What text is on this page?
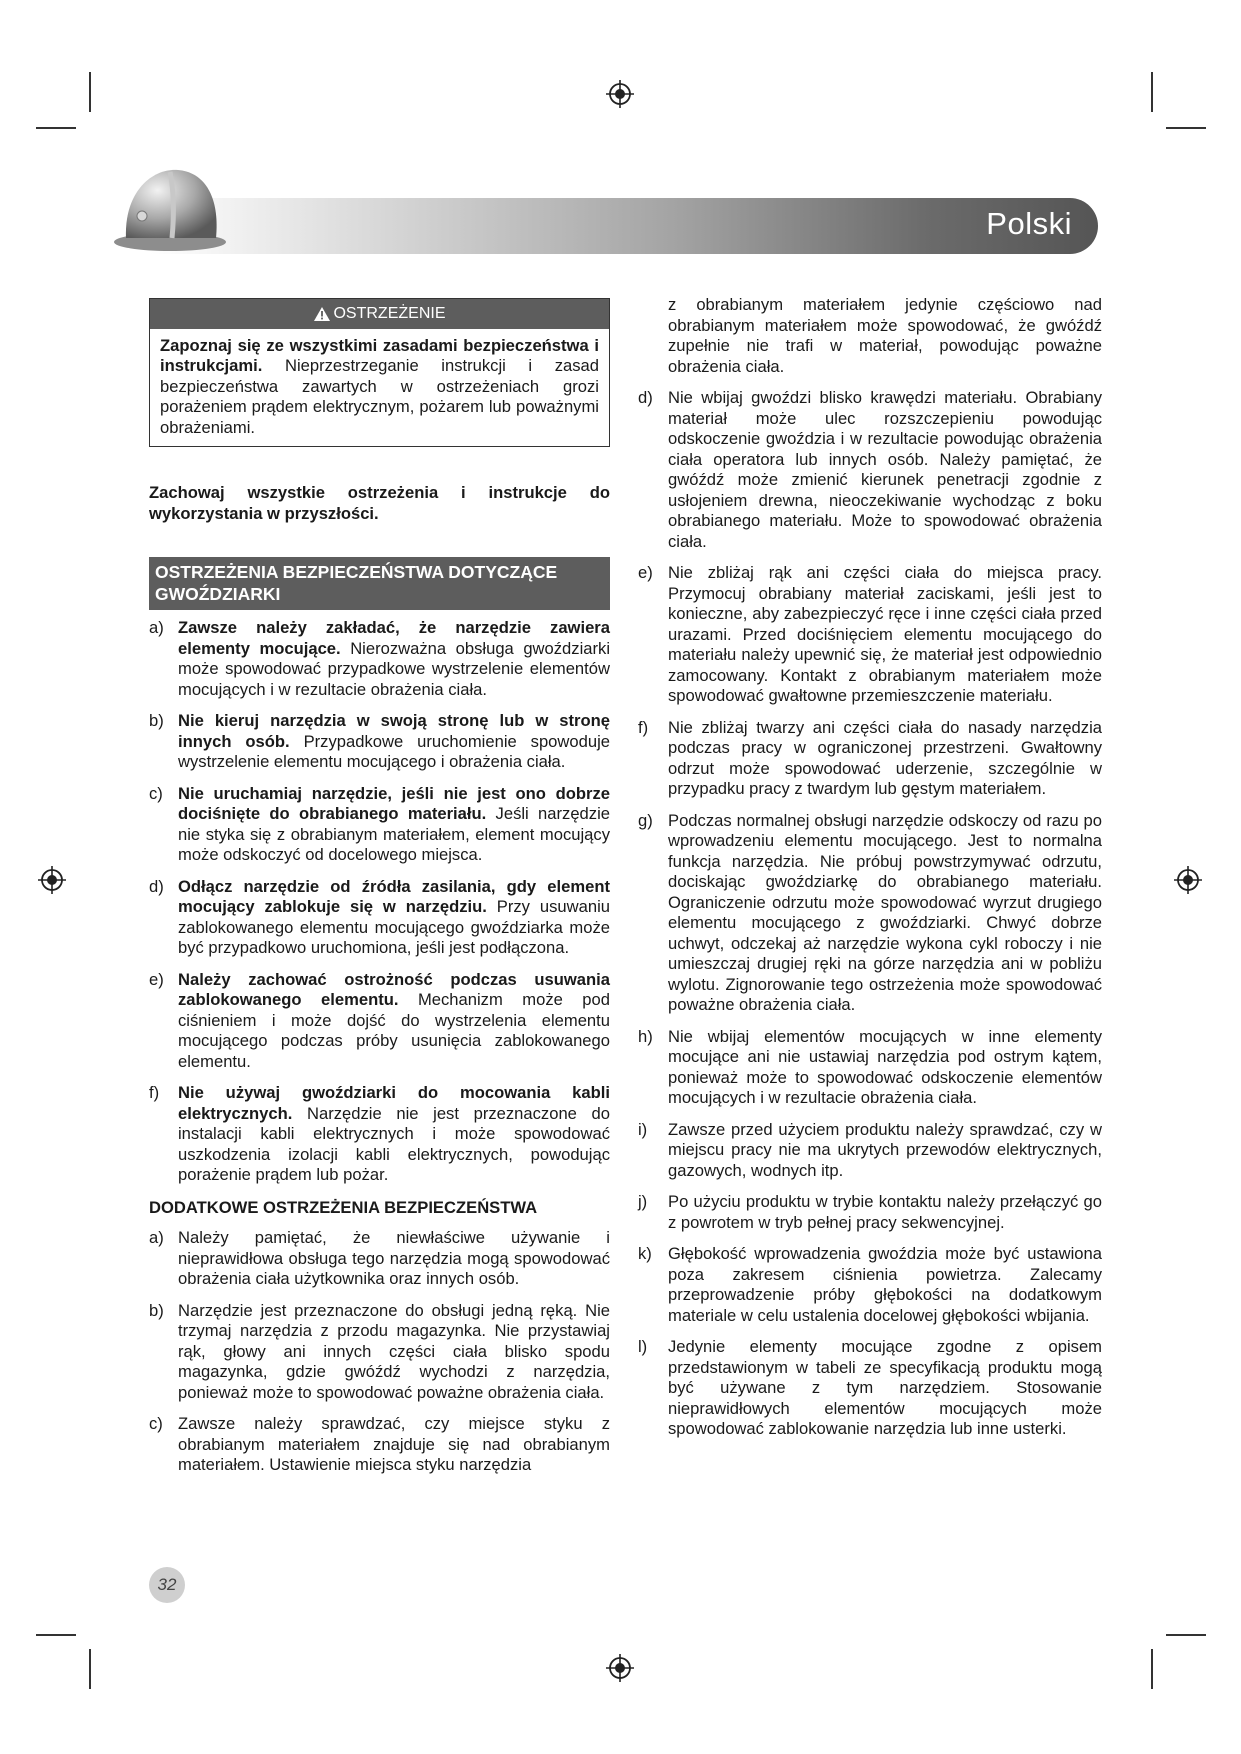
Polski
OSTRZEŻENIE
Zapoznaj się ze wszystkimi zasadami bezpieczeństwa i instrukcjami. Nieprzestrzeganie instrukcji i zasad bezpieczeństwa zawartych w ostrzeżeniach grozi porażeniem prądem elektrycznym, pożarem lub poważnymi obrażeniami.

Zachowaj wszystkie ostrzeżenia i instrukcje do wykorzystania w przyszłości.

OSTRZEŻENIA BEZPIECZEŃSTWA DOTYCZĄCE GWOŹDZIARKI
a) Zawsze należy zakładać, że narzędzie zawiera elementy mocujące. Nierozważna obsługa gwoździarki może spowodować przypadkowe wystrzelenie elementów mocujących i w rezultacie obrażenia ciała.
b) Nie kieruj narzędzia w swoją stronę lub w stronę innych osób. Przypadkowe uruchomienie spowoduje wystrzelenie elementu mocującego i obrażenia ciała.
c) Nie uruchamiaj narzędzie, jeśli nie jest ono dobrze dociśnięte do obrabianego materiału. Jeśli narzędzie nie styka się z obrabianym materiałem, element mocujący może odskoczyć od docelowego miejsca.
d) Odłącz narzędzie od źródła zasilania, gdy element mocujący zablokuje się w narzędziu. Przy usuwaniu zablokowanego elementu mocującego gwoździarka może być przypadkowo uruchomiona, jeśli jest podłączona.
e) Należy zachować ostrożność podczas usuwania zablokowanego elementu. Mechanizm może pod ciśnieniem i może dojść do wystrzelenia elementu mocującego podczas próby usunięcia zablokowanego elementu.
f)	Nie używaj gwoździarki do mocowania kabli elektrycznych. Narzędzie nie jest przeznaczone do instalacji kabli elektrycznych i może spowodować uszkodzenia izolacji kabli elektrycznych, powodując porażenie prądem lub pożar.
DODATKOWE OSTRZEŻENIA BEZPIECZEŃSTWA
a) Należy pamiętać, że niewłaściwe używanie i nieprawidłowa obsługa tego narzędzia mogą spowodować obrażenia ciała użytkownika oraz innych osób.
b) Narzędzie jest przeznaczone do obsługi jedną ręką. Nie trzymaj narzędzia z przodu magazynka. Nie przystawiaj rąk, głowy ani innych części ciała blisko spodu magazynka, gdzie gwóźdź wychodzi z narzędzia, ponieważ może to spowodować poważne obrażenia ciała.
c) Zawsze należy sprawdzać, czy miejsce styku z obrabianym materiałem znajduje się nad obrabianym materiałem. Ustawienie miejsca styku narzędzia
z obrabianym materiałem jedynie częściowo nad obrabianym materiałem może spowodować, że gwóźdź zupełnie nie trafi w materiał, powodując poważne obrażenia ciała.
d) Nie wbijaj gwoździ blisko krawędzi materiału. Obrabiany materiał może ulec rozszczepieniu powodując odskoczenie gwoździa i w rezultacie powodując obrażenia ciała operatora lub innych osób. Należy pamiętać, że gwóźdź może zmienić kierunek penetracji zgodnie z usłojeniem drewna, nieoczekiwanie wychodząc z boku obrabianego materiału. Może to spowodować obrażenia ciała.
e) Nie zbliżaj rąk ani części ciała do miejsca pracy. Przymocuj obrabiany materiał zaciskami, jeśli jest to konieczne, aby zabezpieczyć ręce i inne części ciała przed urazami. Przed dociśnięciem elementu mocującego do materiału należy upewnić się, że materiał jest odpowiednio zamocowany. Kontakt z obrabianym materiałem może spowodować gwałtowne przemieszczenie materiału.
f)	Nie zbliżaj twarzy ani części ciała do nasady narzędzia podczas pracy w ograniczonej przestrzeni. Gwałtowny odrzut może spowodować uderzenie, szczególnie w przypadku pracy z twardym lub gęstym materiałem.
g) Podczas normalnej obsługi narzędzie odskoczy od razu po wprowadzeniu elementu mocującego. Jest to normalna funkcja narzędzia. Nie próbuj powstrzymywać odrzutu, dociskając gwoździarkę do obrabianego materiału. Ograniczenie odrzutu może spowodować wyrzut drugiego elementu mocującego z gwoździarki. Chwyć dobrze uchwyt, odczekaj aż narzędzie wykona cykl roboczy i nie umieszczaj drugiej ręki na górze narzędzia ani w pobliżu wylotu. Zignorowanie tego ostrzeżenia może spowodować poważne obrażenia ciała.
h) Nie wbijaj elementów mocujących w inne elementy mocujące ani nie ustawiaj narzędzia pod ostrym kątem, ponieważ może to spowodować odskoczenie elementów mocujących i w rezultacie obrażenia ciała.
i)	Zawsze przed użyciem produktu należy sprawdzać, czy w miejscu pracy nie ma ukrytych przewodów elektrycznych, gazowych, wodnych itp.
j)	Po użyciu produktu w trybie kontaktu należy przełączyć go z powrotem w tryb pełnej pracy sekwencyjnej.
k) Głębokość wprowadzenia gwoździa może być ustawiona poza zakresem ciśnienia powietrza. Zalecamy przeprowadzenie próby głębokości na dodatkowym materiale w celu ustalenia docelowej głębokości wbijania.
l)	Jedynie elementy mocujące zgodne z opisem przedstawionym w tabeli ze specyfikacją produktu mogą być używane z tym narzędziem. Stosowanie nieprawidłowych elementów mocujących może spowodować zablokowanie narzędzia lub inne usterki.
32
